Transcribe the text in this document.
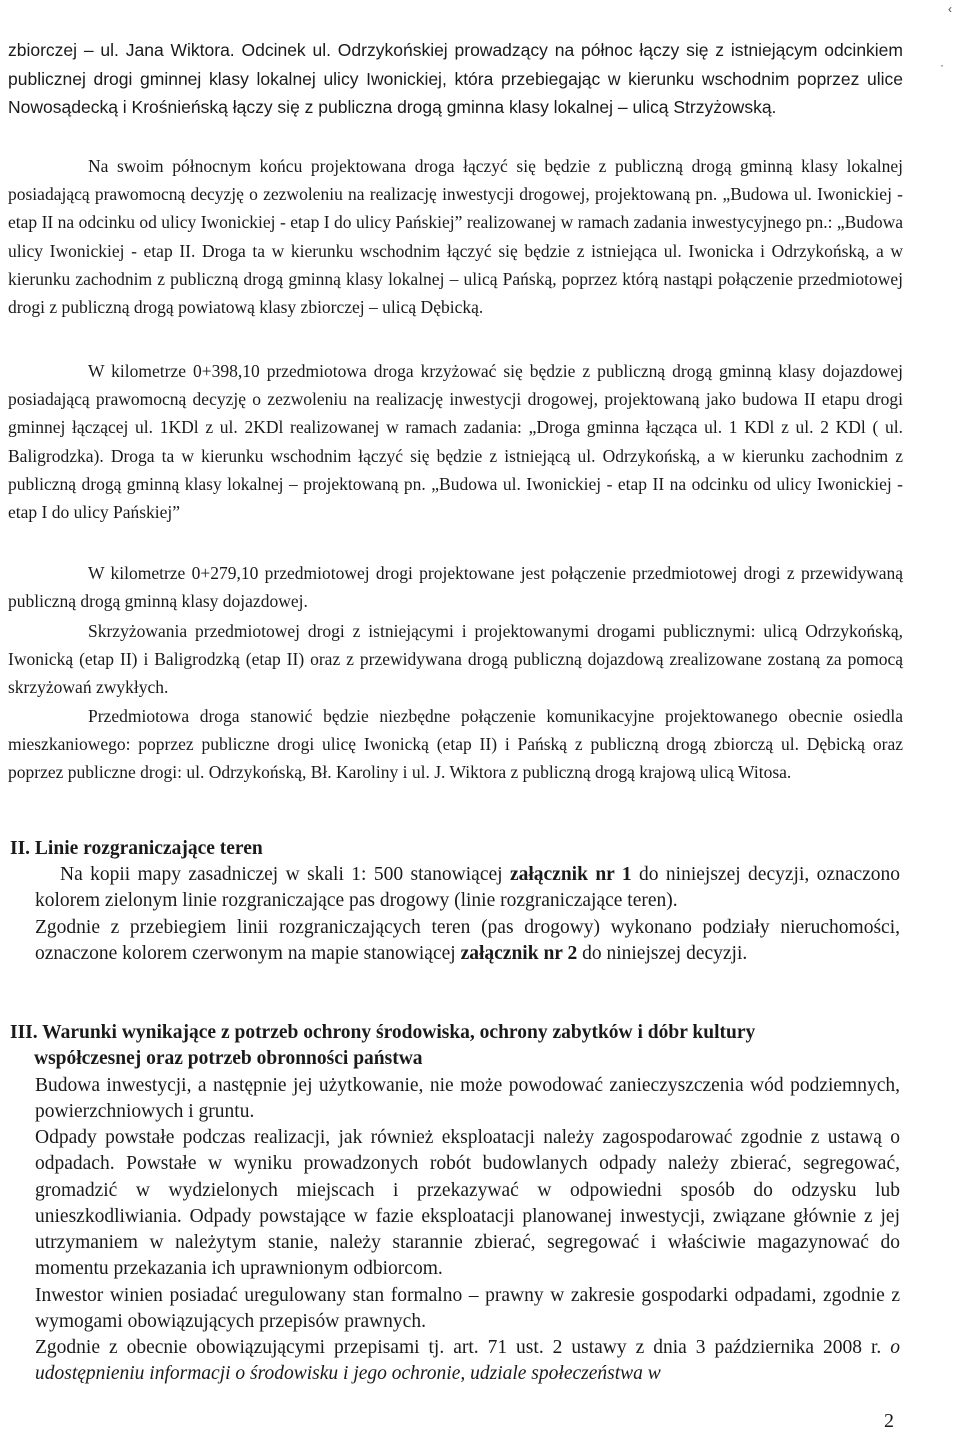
‹
·

zbiorczej – ul. Jana Wiktora. Odcinek ul. Odrzykońskiej prowadzący na północ łączy się z istniejącym odcinkiem publicznej drogi gminnej klasy lokalnej ulicy Iwonickiej, która przebiegając w kierunku wschodnim poprzez ulice Nowosądecką i Krośnieńską łączy się z publiczna drogą gminna klasy lokalnej – ulicą Strzyżowską.

Na swoim północnym końcu projektowana droga łączyć się będzie z publiczną drogą gminną klasy lokalnej posiadającą prawomocną decyzję o zezwoleniu na realizację inwestycji drogowej, projektowaną pn. „Budowa ul. Iwonickiej - etap II na odcinku od ulicy Iwonickiej - etap I do ulicy Pańskiej” realizowanej w ramach zadania inwestycyjnego pn.: „Budowa ulicy Iwonickiej - etap II. Droga ta w kierunku wschodnim łączyć się będzie z istniejąca ul. Iwonicka i Odrzykońską, a w kierunku zachodnim z publiczną drogą gminną klasy lokalnej – ulicą Pańską, poprzez którą nastąpi połączenie przedmiotowej drogi z publiczną drogą powiatową klasy zbiorczej – ulicą Dębicką.

W kilometrze 0+398,10 przedmiotowa droga krzyżować się będzie z publiczną drogą gminną klasy dojazdowej posiadającą prawomocną decyzję o zezwoleniu na realizację inwestycji drogowej, projektowaną jako budowa II etapu drogi gminnej łączącej ul. 1KDl z ul. 2KDl realizowanej w ramach zadania: „Droga gminna łącząca ul. 1 KDl z ul. 2 KDl ( ul. Baligrodzka). Droga ta w kierunku wschodnim łączyć się będzie z istniejącą ul. Odrzykońską, a w kierunku zachodnim z publiczną drogą gminną klasy lokalnej – projektowaną pn. „Budowa ul. Iwonickiej - etap II na odcinku od ulicy Iwonickiej - etap I do ulicy Pańskiej”

W kilometrze 0+279,10 przedmiotowej drogi projektowane jest połączenie przedmiotowej drogi z przewidywaną publiczną drogą gminną klasy dojazdowej.

Skrzyżowania przedmiotowej drogi z istniejącymi i projektowanymi drogami publicznymi: ulicą Odrzykońską, Iwonicką (etap II) i Baligrodzką (etap II) oraz z przewidywana drogą publiczną dojazdową zrealizowane zostaną za pomocą skrzyżowań zwykłych.

Przedmiotowa droga stanowić będzie niezbędne połączenie komunikacyjne projektowanego obecnie osiedla mieszkaniowego: poprzez publiczne drogi ulicę Iwonicką (etap II) i Pańską z publiczną drogą zbiorczą ul. Dębicką oraz poprzez publiczne drogi: ul. Odrzykońską, Bł. Karoliny i ul. J. Wiktora z publiczną drogą krajową ulicą Witosa.

II. Linie rozgraniczające teren

Na kopii mapy zasadniczej w skali 1: 500 stanowiącej załącznik nr 1 do niniejszej decyzji, oznaczono kolorem zielonym linie rozgraniczające pas drogowy (linie rozgraniczające teren).

Zgodnie z przebiegiem linii rozgraniczających teren (pas drogowy) wykonano podziały nieruchomości, oznaczone kolorem czerwonym na mapie stanowiącej załącznik nr 2 do niniejszej decyzji.

III. Warunki wynikające z potrzeb ochrony środowiska, ochrony zabytków i dóbr kultury
współczesnej oraz potrzeb obronności państwa

Budowa inwestycji, a następnie jej użytkowanie, nie może powodować zanieczyszczenia wód podziemnych, powierzchniowych i gruntu.

Odpady powstałe podczas realizacji, jak również eksploatacji należy zagospodarować zgodnie z ustawą o odpadach. Powstałe w wyniku prowadzonych robót budowlanych odpady należy zbierać, segregować, gromadzić w wydzielonych miejscach i przekazywać w odpowiedni sposób do odzysku lub unieszkodliwiania. Odpady powstające w fazie eksploatacji planowanej inwestycji, związane głównie z jej utrzymaniem w należytym stanie, należy starannie zbierać, segregować i właściwie magazynować do momentu przekazania ich uprawnionym odbiorcom.

Inwestor winien posiadać uregulowany stan formalno – prawny w zakresie gospodarki odpadami, zgodnie z wymogami obowiązujących przepisów prawnych.

Zgodnie z obecnie obowiązującymi przepisami tj. art. 71 ust. 2 ustawy z dnia 3 października 2008 r. o udostępnieniu informacji o środowisku i jego ochronie, udziale społeczeństwa w

2
